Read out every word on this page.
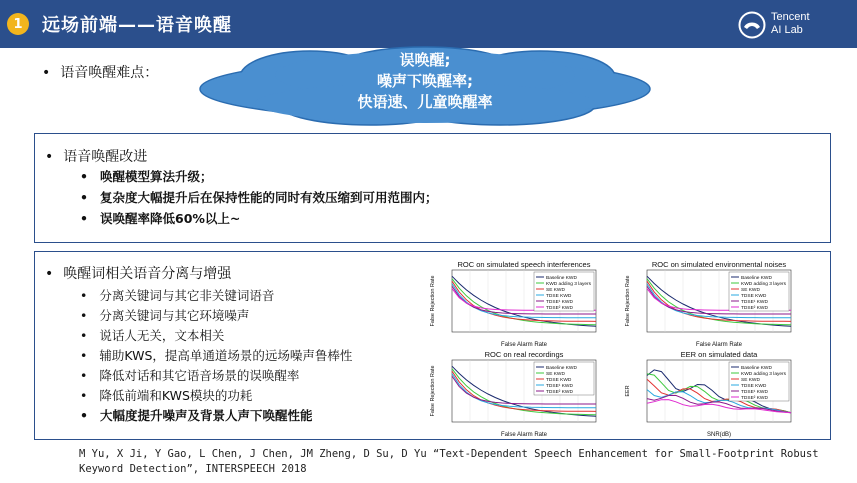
1	远场前端——语音唤醒	Tencent
AI Lab
• 语音唤醒难点：
误唤醒;
噪声下唤醒率;
快语速、儿童唤醒率
• 语音唤醒改进
• 唤醒模型算法升级；
• 复杂度大幅提升后在保持性能的同时有效压缩到可用范围内；
• 误唤醒率降低60%以上~
• 唤醒词相关语音分离与增强
• 分离关键词与其它非关键词语音
• 分离关键词与其它环境噪声
• 说话人无关，文本相关
• 辅助KWS，提高单通道场景的远场噪声鲁棒性
• 降低对话和其它语音场景的误唤醒率
• 降低前端和KWS模块的功耗
• 大幅度提升噪声及背景人声下唤醒性能
ROC on simulated speech interferences
False Alarm Rate
False Rejection Rate	Baseline KWD
KWD adding 3 layers
SE KWD
TDSE KWD
TDSE¹ KWD
TDSE² KWD
ROC on simulated environmental noises
False Alarm Rate
False Rejection Rate	Baseline KWD
KWD adding 3 layers
SE KWD
TDSE KWD
TDSE¹ KWD
TDSE² KWD
ROC on real recordings
False Alarm Rate
False Rejection Rate	Baseline KWD
SE KWD
TDSE KWD
TDSE¹ KWD
TDSE² KWD
EER on simulated data
SNR(dB)
EER
Baseline KWD
KWD adding 3 layers
SE KWD
TDSE KWD
TDSE¹ KWD
TDSE² KWD
M Yu, X Ji, Y Gao, L Chen, J Chen, JM Zheng, D Su, D Yu “Text-Dependent Speech Enhancement for Small-Footprint Robust Keyword Detection”, INTERSPEECH 2018
